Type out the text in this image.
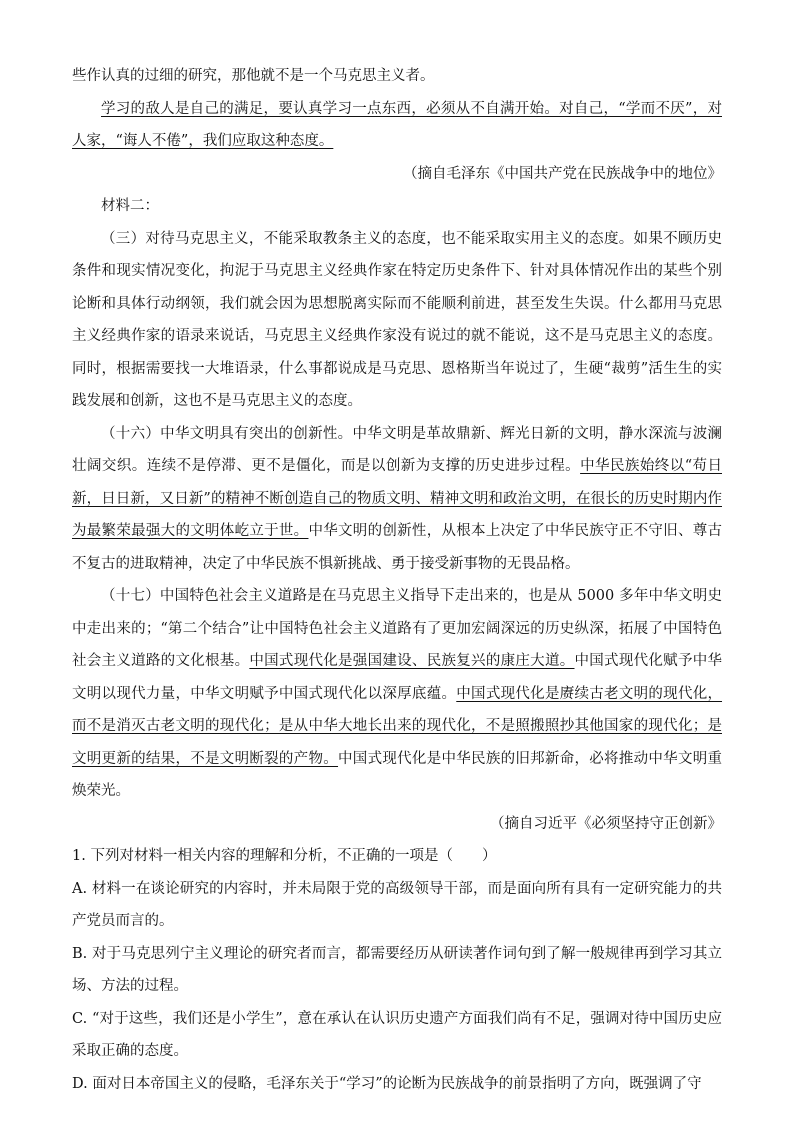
些作认真的过细的研究，那他就不是一个马克思主义者。

学习的敌人是自己的满足，要认真学习一点东西，必须从不自满开始。对自己，“学而不厌”，对人家，“诲人不倦”，我们应取这种态度。

（摘自毛泽东《中国共产党在民族战争中的地位》

材料二：

（三）对待马克思主义，不能采取教条主义的态度，也不能采取实用主义的态度。如果不顾历史条件和现实情况变化，拘泥于马克思主义经典作家在特定历史条件下、针对具体情况作出的某些个别论断和具体行动纲领，我们就会因为思想脱离实际而不能顺利前进，甚至发生失误。什么都用马克思主义经典作家的语录来说话，马克思主义经典作家没有说过的就不能说，这不是马克思主义的态度。同时，根据需要找一大堆语录，什么事都说成是马克思、恩格斯当年说过了，生硬“裁剪”活生生的实践发展和创新，这也不是马克思主义的态度。

（十六）中华文明具有突出的创新性。中华文明是革故鼎新、辉光日新的文明，静水深流与波澜壮阔交织。连续不是停滞、更不是僵化，而是以创新为支撑的历史进步过程。中华民族始终以“苟日新，日日新，又日新”的精神不断创造自己的物质文明、精神文明和政治文明，在很长的历史时期内作为最繁荣最强大的文明体屹立于世。中华文明的创新性，从根本上决定了中华民族守正不守旧、尊古不复古的进取精神，决定了中华民族不惧新挑战、勇于接受新事物的无畏品格。

（十七）中国特色社会主义道路是在马克思主义指导下走出来的，也是从 5000 多年中华文明史中走出来的；“第二个结合”让中国特色社会主义道路有了更加宏阔深远的历史纵深，拓展了中国特色社会主义道路的文化根基。中国式现代化是强国建设、民族复兴的康庄大道。中国式现代化赋予中华文明以现代力量，中华文明赋予中国式现代化以深厚底蕴。中国式现代化是赓续古老文明的现代化，而不是消灭古老文明的现代化；是从中华大地长出来的现代化，不是照搬照抄其他国家的现代化；是文明更新的结果，不是文明断裂的产物。中国式现代化是中华民族的旧邦新命，必将推动中华文明重焕荣光。

（摘自习近平《必须坚持守正创新》

1. 下列对材料一相关内容的理解和分析，不正确的一项是（　　）

A. 材料一在谈论研究的内容时，并未局限于党的高级领导干部，而是面向所有具有一定研究能力的共产党员而言的。

B. 对于马克思列宁主义理论的研究者而言，都需要经历从研读著作词句到了解一般规律再到学习其立场、方法的过程。

C. “对于这些，我们还是小学生”，意在承认在认识历史遗产方面我们尚有不足，强调对待中国历史应采取正确的态度。

D. 面对日本帝国主义的侵略，毛泽东关于“学习”的论断为民族战争的前景指明了方向，既强调了守
